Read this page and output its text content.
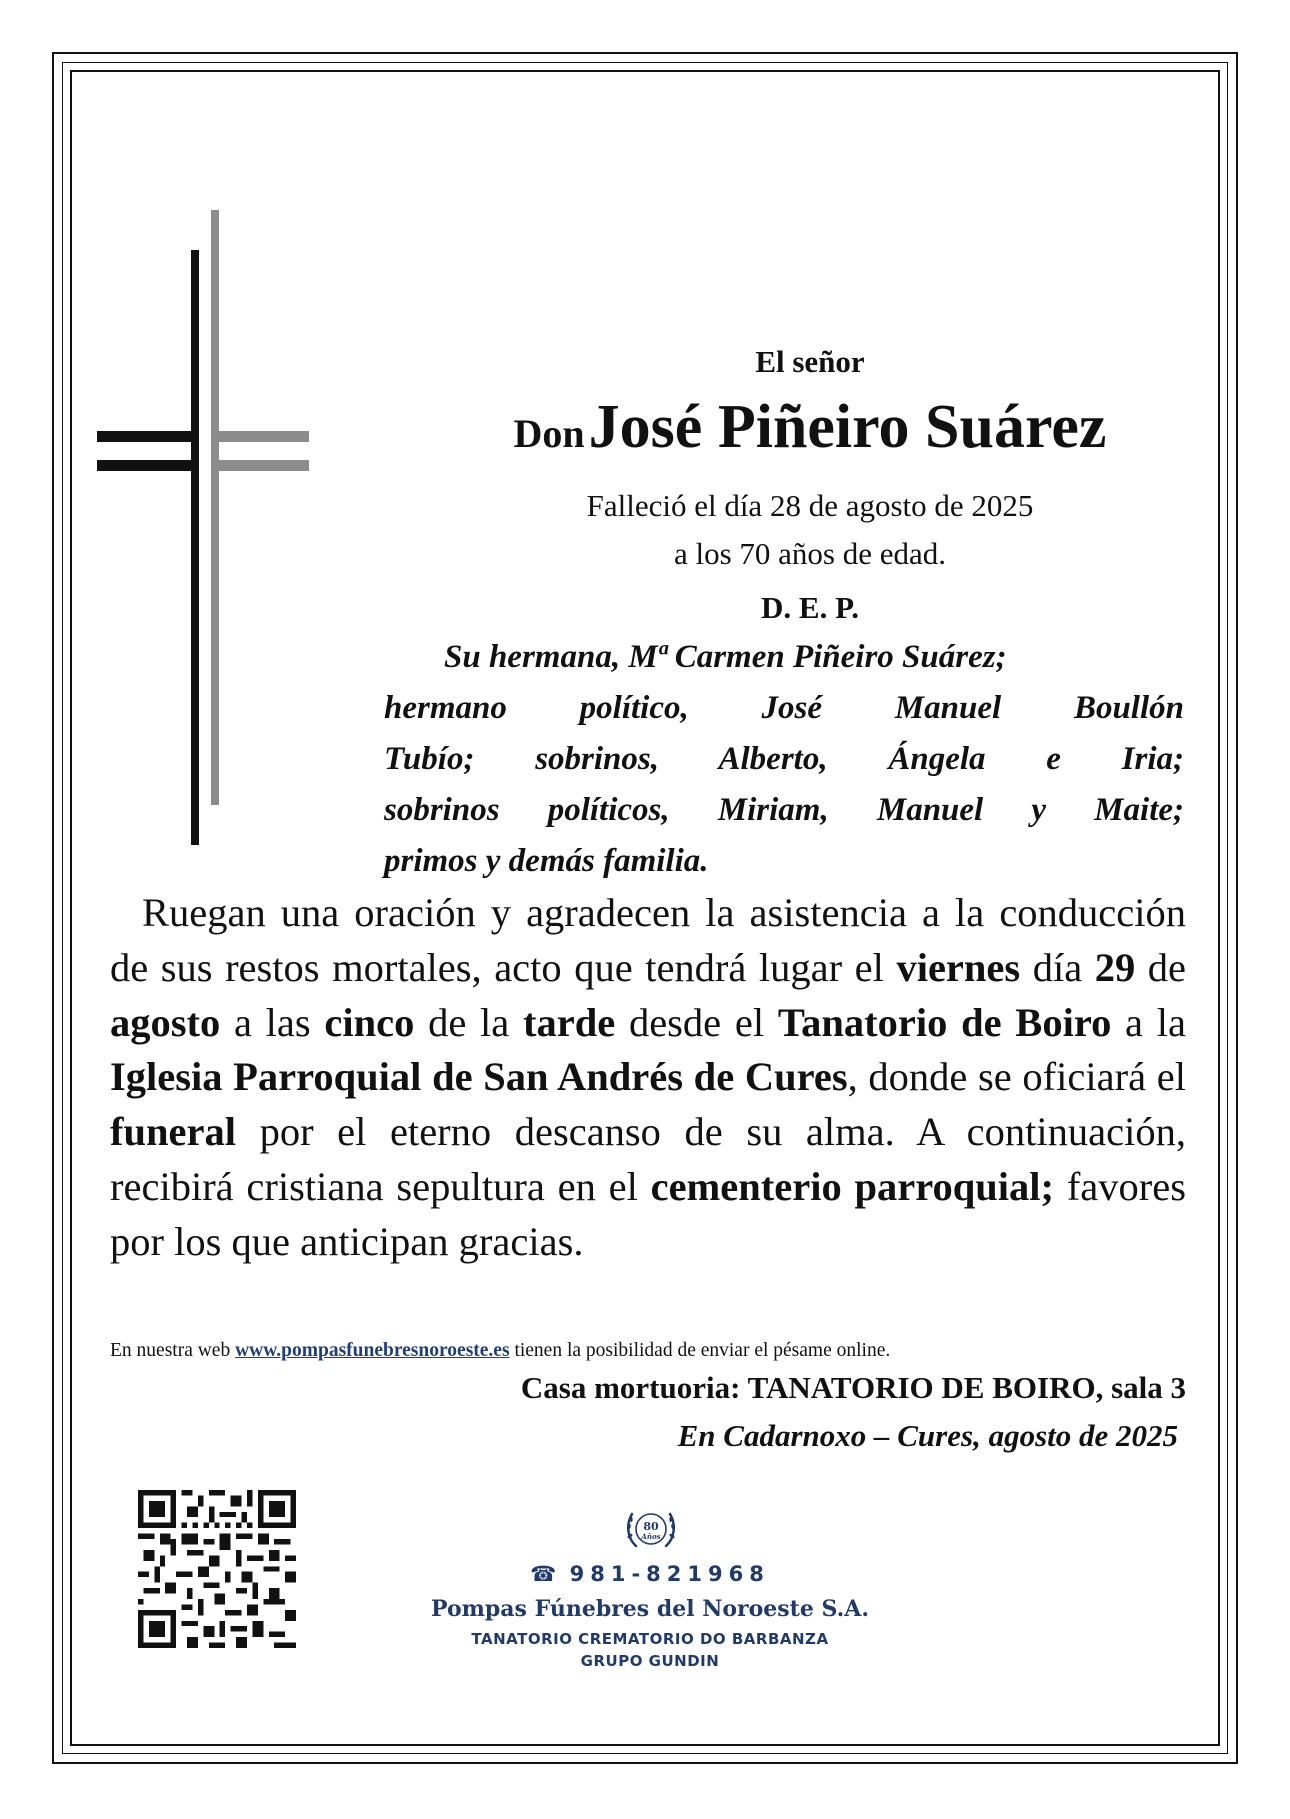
El señor
Don José Piñeiro Suárez
Falleció el día 28 de agosto de 2025
a los 70 años de edad.
D. E. P.
Su hermana, Mª Carmen Piñeiro Suárez;
hermano político, José Manuel Boullón
Tubío; sobrinos, Alberto, Ángela e Iria;
sobrinos políticos, Miriam, Manuel y Maite;
primos y demás familia.

Ruegan una oración y agradecen la asistencia a la conducción de sus restos mortales, acto que tendrá lugar el viernes día 29 de agosto a las cinco de la tarde desde el Tanatorio de Boiro a la Iglesia Parroquial de San Andrés de Cures, donde se oficiará el funeral por el eterno descanso de su alma. A continuación, recibirá cristiana sepultura en el cementerio parroquial; favores por los que anticipan gracias.

En nuestra web www.pompasfunebresnoroeste.es tienen la posibilidad de enviar el pésame online.
Casa mortuoria: TANATORIO DE BOIRO, sala 3
En Cadarnoxo – Cures, agosto de 2025
80
Años
☎ 981-821968
Pompas Fúnebres del Noroeste S.A.
TANATORIO CREMATORIO DO BARBANZA
GRUPO GUNDIN
